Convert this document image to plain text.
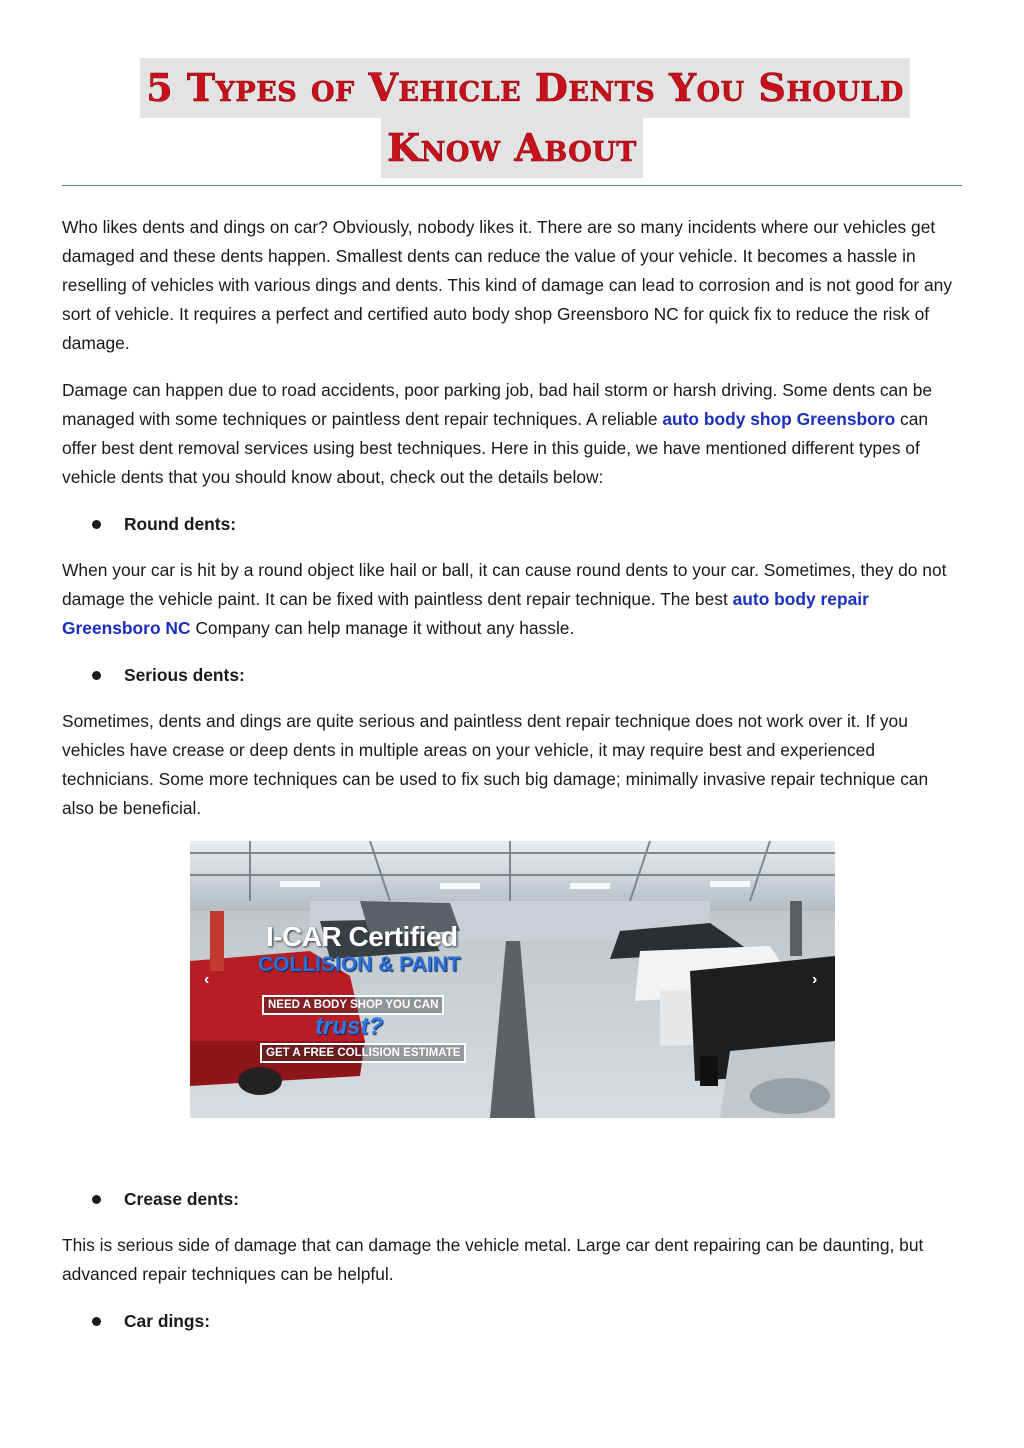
5 Types of Vehicle Dents You Should
Know About

Who likes dents and dings on car? Obviously, nobody likes it. There are so many incidents where our vehicles get damaged and these dents happen. Smallest dents can reduce the value of your vehicle. It becomes a hassle in reselling of vehicles with various dings and dents. This kind of damage can lead to corrosion and is not good for any sort of vehicle. It requires a perfect and certified auto body shop Greensboro NC for quick fix to reduce the risk of damage.

Damage can happen due to road accidents, poor parking job, bad hail storm or harsh driving. Some dents can be managed with some techniques or paintless dent repair techniques. A reliable auto body shop Greensboro can offer best dent removal services using best techniques. Here in this guide, we have mentioned different types of vehicle dents that you should know about, check out the details below:

Round dents:

When your car is hit by a round object like hail or ball, it can cause round dents to your car. Sometimes, they do not damage the vehicle paint. It can be fixed with paintless dent repair technique. The best auto body repair Greensboro NC Company can help manage it without any hassle.

Serious dents:

Sometimes, dents and dings are quite serious and paintless dent repair technique does not work over it. If you vehicles have crease or deep dents in multiple areas on your vehicle, it may require best and experienced technicians. Some more techniques can be used to fix such big damage; minimally invasive repair technique can also be beneficial.

I-CAR Certified
COLLISION & PAINT
NEED A BODY SHOP YOU CAN
trust?
GET A FREE COLLISION ESTIMATE
‹	›
Crease dents:

This is serious side of damage that can damage the vehicle metal. Large car dent repairing can be daunting, but advanced repair techniques can be helpful.

Car dings:
